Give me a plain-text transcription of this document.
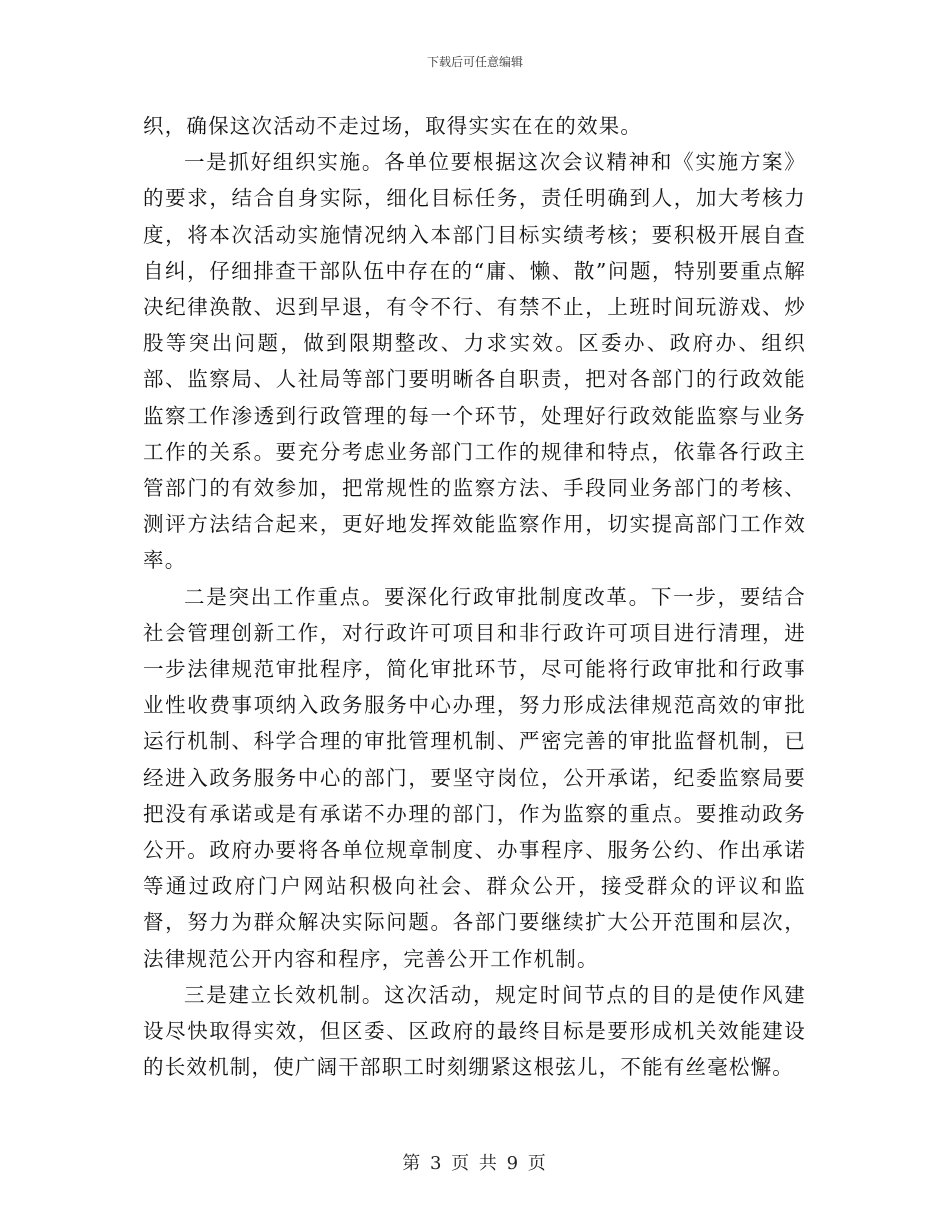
下载后可任意编辑

织，确保这次活动不走过场，取得实实在在的效果。

一是抓好组织实施。各单位要根据这次会议精神和《实施方案》的要求，结合自身实际，细化目标任务，责任明确到人，加大考核力度，将本次活动实施情况纳入本部门目标实绩考核；要积极开展自查自纠，仔细排查干部队伍中存在的“庸、懒、散”问题，特别要重点解决纪律涣散、迟到早退，有令不行、有禁不止，上班时间玩游戏、炒股等突出问题，做到限期整改、力求实效。区委办、政府办、组织部、监察局、人社局等部门要明晰各自职责，把对各部门的行政效能监察工作渗透到行政管理的每一个环节，处理好行政效能监察与业务工作的关系。要充分考虑业务部门工作的规律和特点，依靠各行政主管部门的有效参加，把常规性的监察方法、手段同业务部门的考核、测评方法结合起来，更好地发挥效能监察作用，切实提高部门工作效率。

二是突出工作重点。要深化行政审批制度改革。下一步，要结合社会管理创新工作，对行政许可项目和非行政许可项目进行清理，进一步法律规范审批程序，简化审批环节，尽可能将行政审批和行政事业性收费事项纳入政务服务中心办理，努力形成法律规范高效的审批运行机制、科学合理的审批管理机制、严密完善的审批监督机制，已经进入政务服务中心的部门，要坚守岗位，公开承诺，纪委监察局要把没有承诺或是有承诺不办理的部门，作为监察的重点。要推动政务公开。政府办要将各单位规章制度、办事程序、服务公约、作出承诺等通过政府门户网站积极向社会、群众公开，接受群众的评议和监督，努力为群众解决实际问题。各部门要继续扩大公开范围和层次，法律规范公开内容和程序，完善公开工作机制。

三是建立长效机制。这次活动，规定时间节点的目的是使作风建设尽快取得实效，但区委、区政府的最终目标是要形成机关效能建设的长效机制，使广阔干部职工时刻绷紧这根弦儿，不能有丝毫松懈。

第 3 页 共 9 页
